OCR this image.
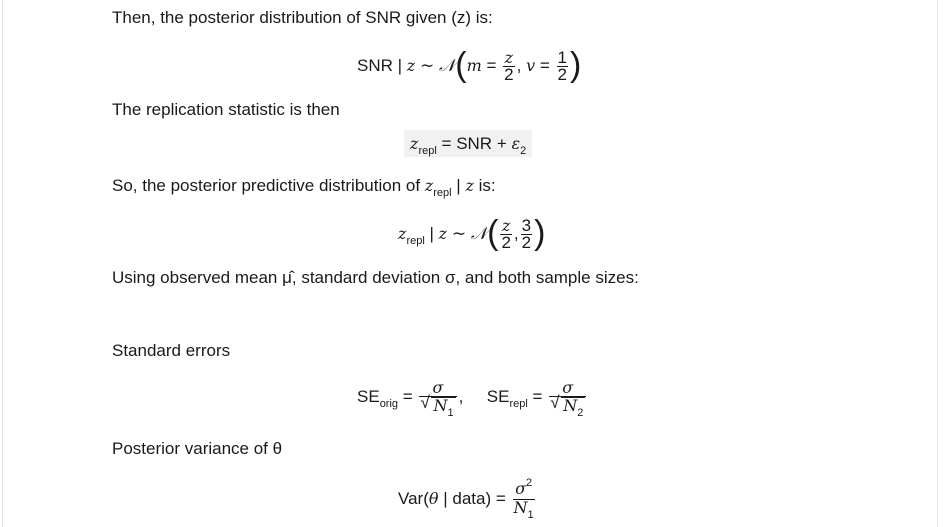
Then, the posterior distribution of SNR given (z) is:
SNR | z ∼ 𝒩(m = $\frac{z}{2}$ , $v = \frac{1}{2}$ )
The replication statistic is then
$z_{repl}$ = SNR + $\varepsilon_2$
So, the posterior predictive distribution of $z_{repl}$ | z is:
$z_{repl}$ | z ∼ 𝒩( $\frac{z}{2}$ , $\frac{3}{2}$ )
Using observed mean μ̂, standard deviation σ, and both sample sizes:
Standard errors
$SE_{orig} = \frac{\sigma}{√ N_1}$ , $SE_{repl} = \frac{\sigma}{√ N_2}$
Posterior variance of θ
Var(θ | data) = $\frac{\sigma^2}{N_1}$
